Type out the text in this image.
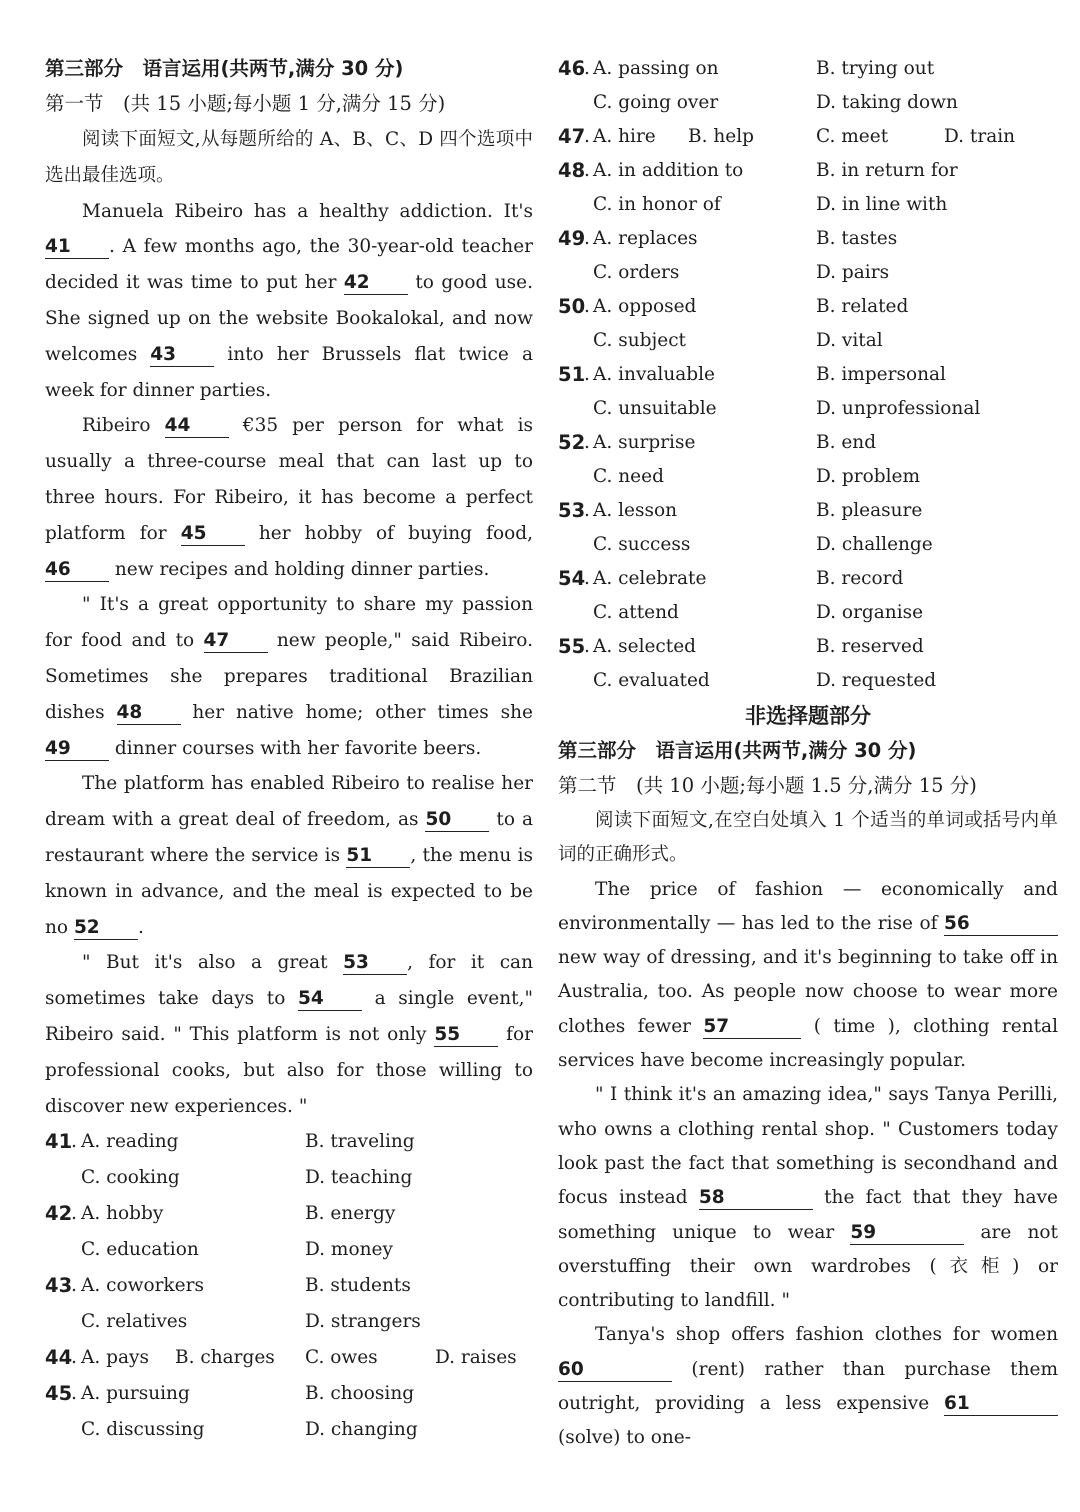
第三部分　语言运用(共两节,满分 30 分)
第一节　(共 15 小题;每小题 1 分,满分 15 分)

阅读下面短文,从每题所给的 A、B、C、D 四个选项中选出最佳选项。

Manuela Ribeiro has a healthy addiction. It's 41 . A few months ago, the 30-year-old teacher decided it was time to put her 42 to good use. She signed up on the website Bookalokal, and now welcomes 43 into her Brussels flat twice a week for dinner parties.

Ribeiro 44 €35 per person for what is usually a three-course meal that can last up to three hours. For Ribeiro, it has become a perfect platform for 45 her hobby of buying food, 46 new recipes and holding dinner parties.

" It's a great opportunity to share my passion for food and to 47 new people," said Ribeiro. Sometimes she prepares traditional Brazilian dishes 48 her native home; other times she 49 dinner courses with her favorite beers.

The platform has enabled Ribeiro to realise her dream with a great deal of freedom, as 50 to a restaurant where the service is 51 , the menu is known in advance, and the meal is expected to be no 52 .

" But it's also a great 53 , for it can sometimes take days to 54 a single event," Ribeiro said. " This platform is not only 55 for professional cooks, but also for those willing to discover new experiences. "

41
. A. reading	B. traveling
C. cooking	D. teaching
42
. A. hobby	B. energy
C. education	D. money
43
. A. coworkers	B. students
C. relatives	D. strangers
44
. A. pays B. charges C. owes	D. raises
45
. A. pursuing	B. choosing
C. discussing	D. changing
46
. A. passing on	B. trying out
C. going over	D. taking down
47
. A. hire B. help	C. meet	D. train
48
. A. in addition to	B. in return for
C. in honor of	D. in line with
49
. A. replaces	B. tastes
C. orders	D. pairs
50
. A. opposed	B. related
C. subject	D. vital
51
. A. invaluable	B. impersonal
C. unsuitable	D. unprofessional
52
. A. surprise	B. end
C. need	D. problem
53
. A. lesson	B. pleasure
C. success	D. challenge
54
. A. celebrate	B. record
C. attend	D. organise
55
. A. selected	B. reserved
C. evaluated	D. requested
非选择题部分
第三部分　语言运用(共两节,满分 30 分)
第二节　(共 10 小题;每小题 1.5 分,满分 15 分)

阅读下面短文,在空白处填入 1 个适当的单词或括号内单词的正确形式。

The price of fashion — economically and environmentally — has led to the rise of 56 new way of dressing, and it's beginning to take off in Australia, too. As people now choose to wear more clothes fewer 57	( time ), clothing rental services have become increasingly popular.

" I think it's an amazing idea," says Tanya Perilli, who owns a clothing rental shop. " Customers today look past the fact that something is secondhand and focus instead 58	the fact that they have something unique to wear 59	are not overstuffing their own wardrobes (衣柜) or contributing to landfill. "

Tanya's shop offers fashion clothes for women 60	(rent) rather than purchase them outright, providing a less expensive 61 (solve) to one-
